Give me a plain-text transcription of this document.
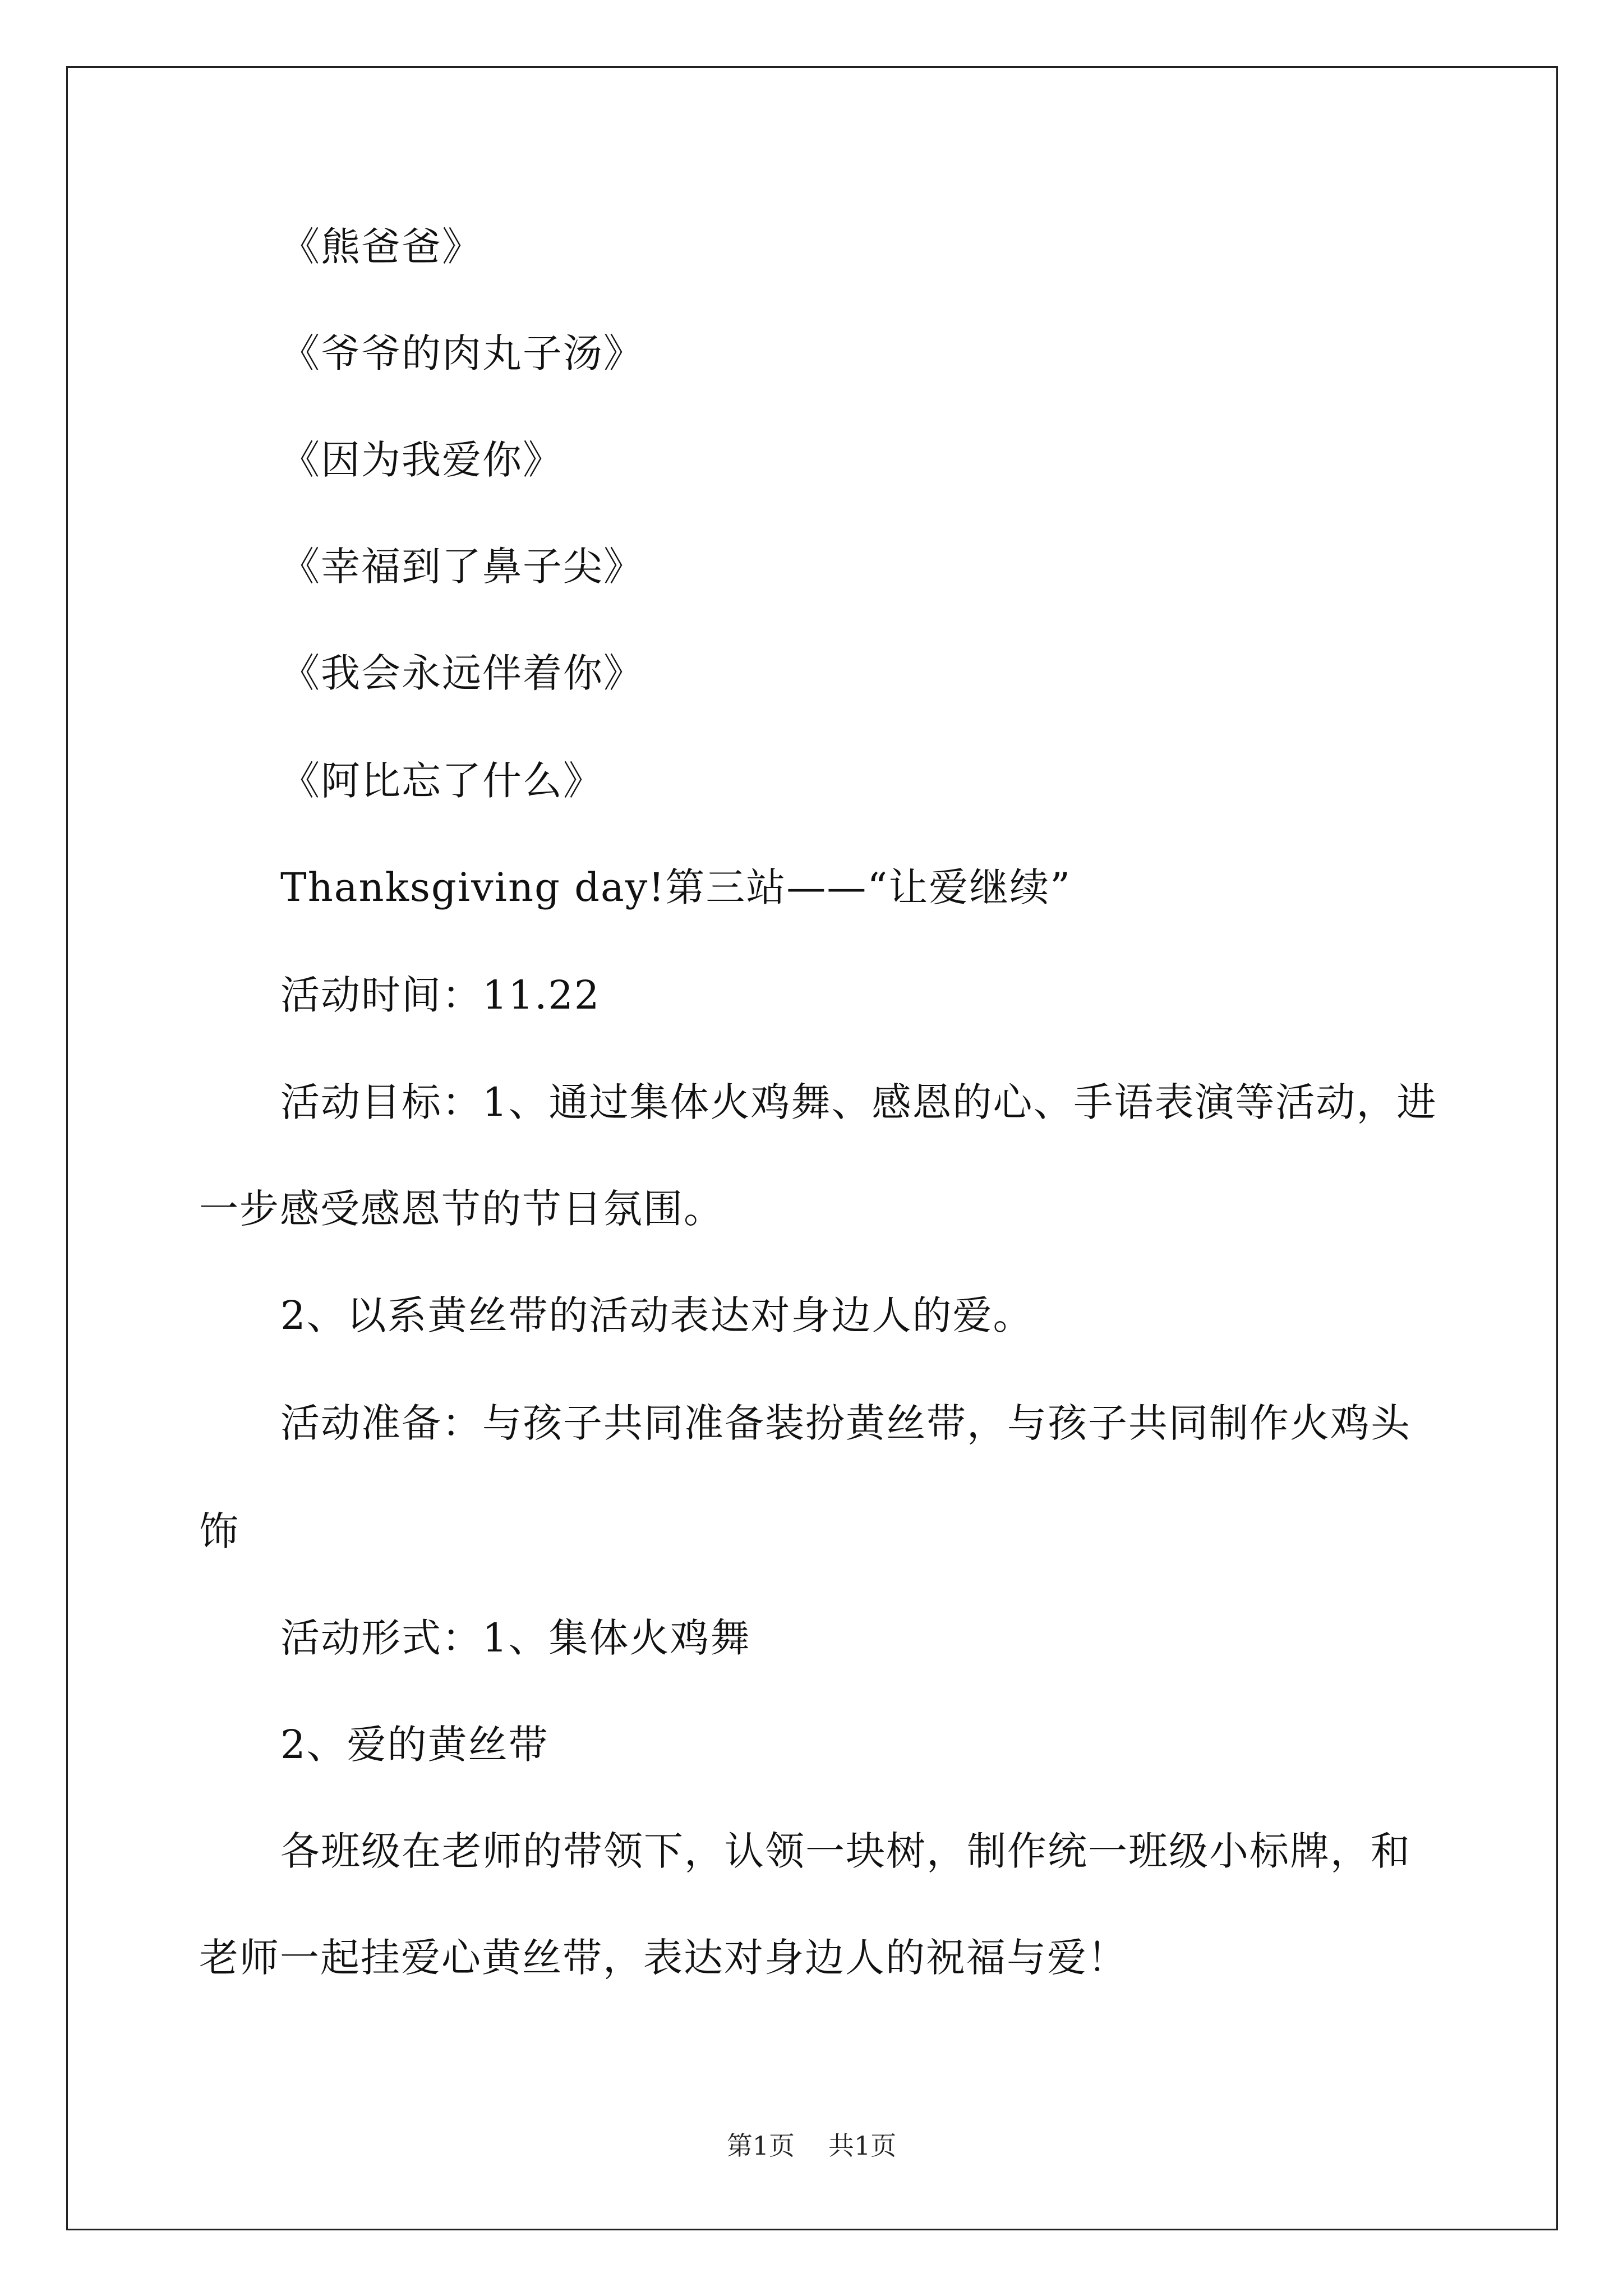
《熊爸爸》
《爷爷的肉丸子汤》
《因为我爱你》
《幸福到了鼻子尖》
《我会永远伴着你》
《阿比忘了什么》
Thanksgiving day!第三站——“让爱继续”
活动时间：11.22
活动目标：1、通过集体火鸡舞、感恩的心、手语表演等活动，进
一步感受感恩节的节日氛围。
2、以系黄丝带的活动表达对身边人的爱。
活动准备：与孩子共同准备装扮黄丝带，与孩子共同制作火鸡头
饰
活动形式：1、集体火鸡舞
2、爱的黄丝带
各班级在老师的带领下，认领一块树，制作统一班级小标牌，和
老师一起挂爱心黄丝带，表达对身边人的祝福与爱！
第1页 共1页
